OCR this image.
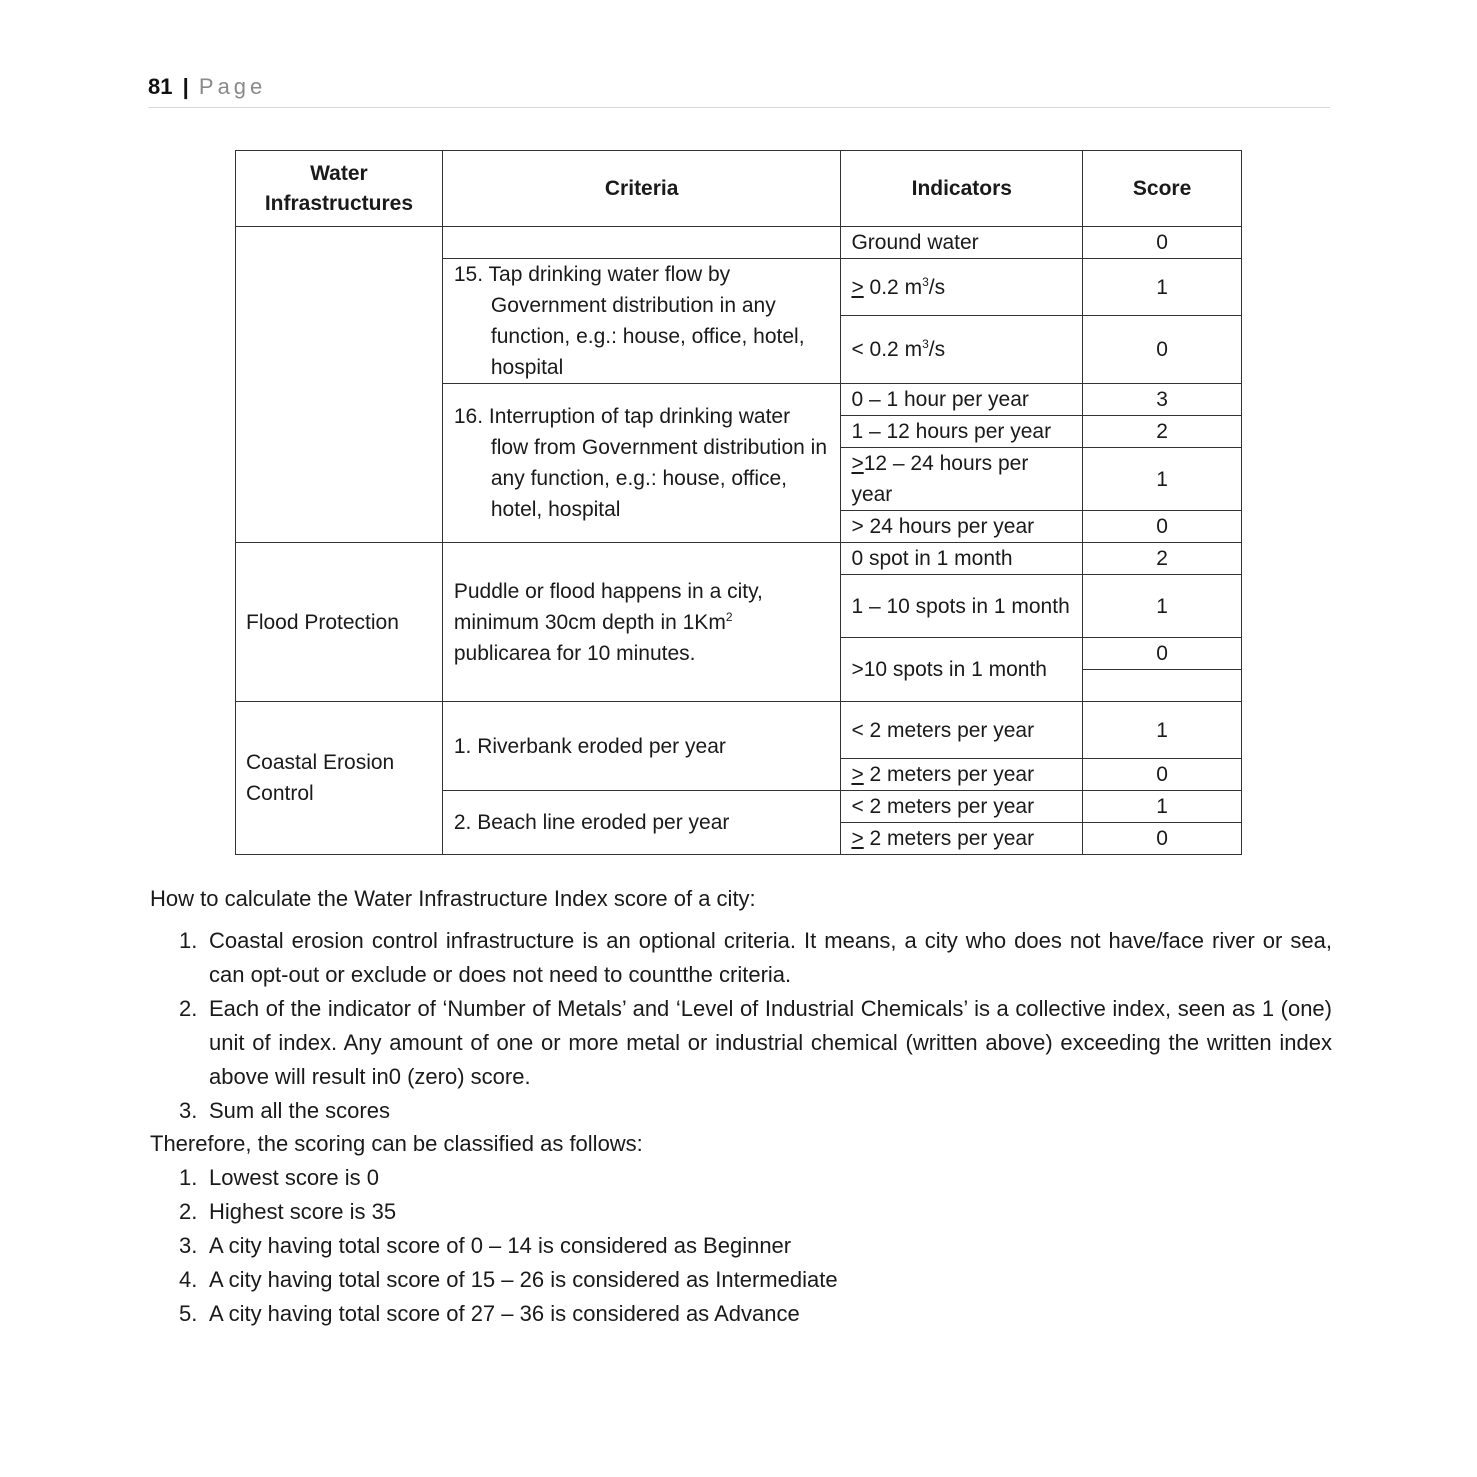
81 | Page
Water
Infrastructures	Criteria	Indicators	Score
		Ground water	0

	15. Tap drinking water flow by Government distribution in any function, e.g.: house, office, hotel, hospital	≥ 0.2 $m^3/s$	1
		< 0.2 $m^3/s$	0

	16. Interruption of tap drinking water flow from Government distribution in any function, e.g.: house, office, hotel, hospital	0 – 1 hour per year	3
		1 – 12 hours per year	2
		≥12 – 24 hours per year	1
		> 24 hours per year	0

Flood Protection	Puddle or flood happens in a city, minimum 30cm depth in 1Km$^2$ publicarea for 10 minutes.	0 spot in 1 month	2
		1 – 10 spots in 1 month	1
		>10 spots in 1 month	0

Coastal Erosion Control	1. Riverbank eroded per year	< 2 meters per year	1
		≥ 2 meters per year	0
	2. Beach line eroded per year	< 2 meters per year	1
		≥ 2 meters per year	0

How to calculate the Water Infrastructure Index score of a city:

1. Coastal erosion control infrastructure is an optional criteria. It means, a city who does not have/face river or sea, can opt-out or exclude or does not need to countthe criteria.
2. Each of the indicator of ‘Number of Metals’ and ‘Level of Industrial Chemicals’ is a collective index, seen as 1 (one) unit of index. Any amount of one or more metal or industrial chemical (written above) exceeding the written index above will result in0 (zero) score.
3. Sum all the scores

Therefore, the scoring can be classified as follows:

1. Lowest score is 0
2. Highest score is 35
3. A city having total score of 0 – 14 is considered as Beginner
4. A city having total score of 15 – 26 is considered as Intermediate
5. A city having total score of 27 – 36 is considered as Advance
